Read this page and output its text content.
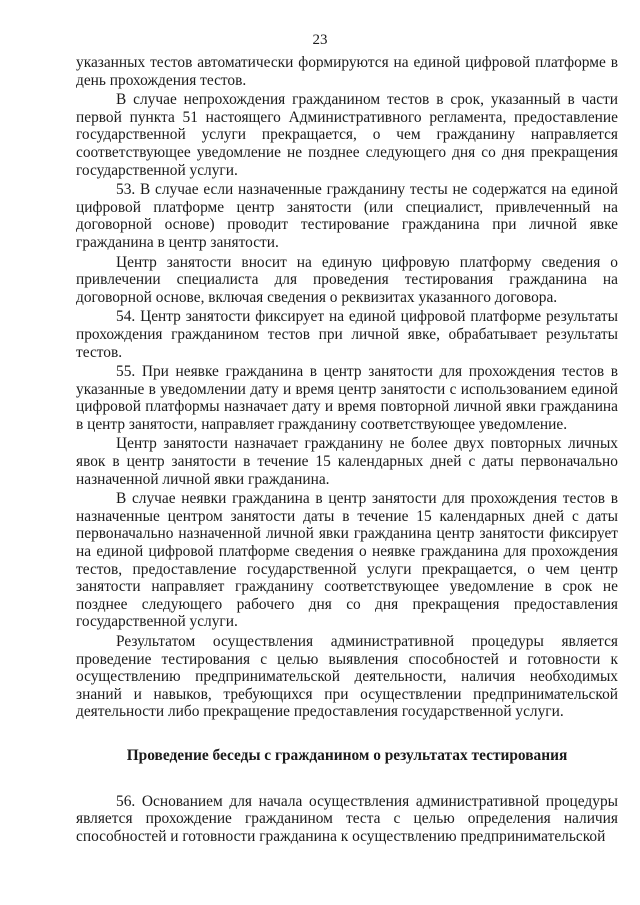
23

указанных тестов автоматически формируются на единой цифровой платформе в день прохождения тестов.

В случае непрохождения гражданином тестов в срок, указанный в части первой пункта 51 настоящего Административного регламента, предоставление государственной услуги прекращается, о чем гражданину направляется соответствующее уведомление не позднее следующего дня со дня прекращения государственной услуги.

53. В случае если назначенные гражданину тесты не содержатся на единой цифровой платформе центр занятости (или специалист, привлеченный на договорной основе) проводит тестирование гражданина при личной явке гражданина в центр занятости.

Центр занятости вносит на единую цифровую платформу сведения о привлечении специалиста для проведения тестирования гражданина на договорной основе, включая сведения о реквизитах указанного договора.

54. Центр занятости фиксирует на единой цифровой платформе результаты прохождения гражданином тестов при личной явке, обрабатывает результаты тестов.

55. При неявке гражданина в центр занятости для прохождения тестов в указанные в уведомлении дату и время центр занятости с использованием единой цифровой платформы назначает дату и время повторной личной явки гражданина в центр занятости, направляет гражданину соответствующее уведомление.

Центр занятости назначает гражданину не более двух повторных личных явок в центр занятости в течение 15 календарных дней с даты первоначально назначенной личной явки гражданина.

В случае неявки гражданина в центр занятости для прохождения тестов в назначенные центром занятости даты в течение 15 календарных дней с даты первоначально назначенной личной явки гражданина центр занятости фиксирует на единой цифровой платформе сведения о неявке гражданина для прохождения тестов, предоставление государственной услуги прекращается, о чем центр занятости направляет гражданину соответствующее уведомление в срок не позднее следующего рабочего дня со дня прекращения предоставления государственной услуги.

Результатом осуществления административной процедуры является проведение тестирования с целью выявления способностей и готовности к осуществлению предпринимательской деятельности, наличия необходимых знаний и навыков, требующихся при осуществлении предпринимательской деятельности либо прекращение предоставления государственной услуги.

Проведение беседы с гражданином о результатах тестирования

56. Основанием для начала осуществления административной процедуры является прохождение гражданином теста с целью определения наличия способностей и готовности гражданина к осуществлению предпринимательской
